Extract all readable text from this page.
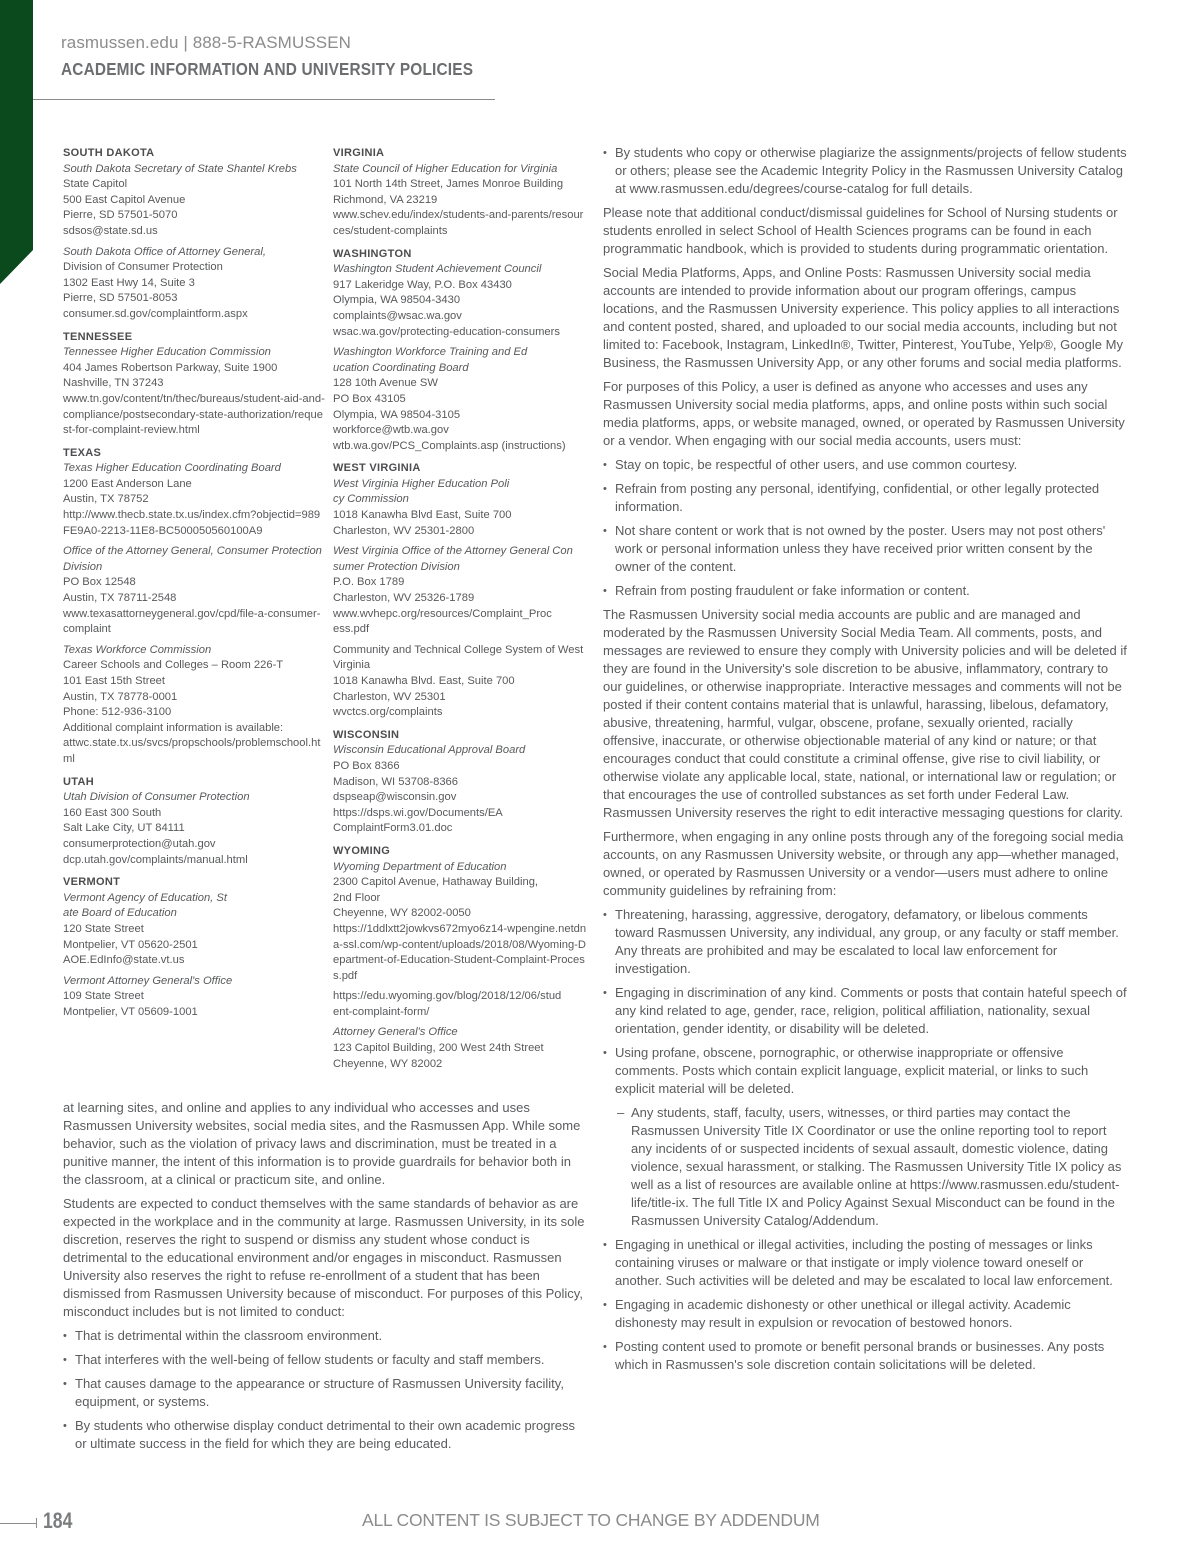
rasmussen.edu | 888-5-RASMUSSEN
ACADEMIC INFORMATION AND UNIVERSITY POLICIES
SOUTH DAKOTA
South Dakota Secretary of State Shantel Krebs
State Capitol
500 East Capitol Avenue
Pierre, SD 57501-5070
sdsos@state.sd.us
South Dakota Office of Attorney General,
Division of Consumer Protection
1302 East Hwy 14, Suite 3
Pierre, SD 57501-8053
consumer.sd.gov/complaintform.aspx
TENNESSEE
Tennessee Higher Education Commission
404 James Robertson Parkway, Suite 1900
Nashville, TN 37243
www.tn.gov/content/tn/thec/bureaus/student-aid-and-compliance/postsecondary-state-authorization/request-for-complaint-review.html
TEXAS
Texas Higher Education Coordinating Board
1200 East Anderson Lane
Austin, TX 78752
http://www.thecb.state.tx.us/index.cfm?objectid=989FE9A0-2213-11E8-BC500050560100A9
Office of the Attorney General, Consumer Protection Division
PO Box 12548
Austin, TX 78711-2548
www.texasattorneygeneral.gov/cpd/file-a-consumer-complaint
Texas Workforce Commission
Career Schools and Colleges – Room 226-T
101 East 15th Street
Austin, TX 78778-0001
Phone: 512-936-3100
Additional complaint information is available:
attwc.state.tx.us/svcs/propschools/problemschool.html
UTAH
Utah Division of Consumer Protection
160 East 300 South
Salt Lake City, UT 84111
consumerprotection@utah.gov
dcp.utah.gov/complaints/manual.html
VERMONT
Vermont Agency of Education, State Board of Education
120 State Street
Montpelier, VT 05620-2501
AOE.EdInfo@state.vt.us
Vermont Attorney General's Office
109 State Street
Montpelier, VT 05609-1001
VIRGINIA
State Council of Higher Education for Virginia
101 North 14th Street, James Monroe Building
Richmond, VA 23219
www.schev.edu/index/students-and-parents/resources/student-complaints
WASHINGTON
Washington Student Achievement Council
917 Lakeridge Way, P.O. Box 43430
Olympia, WA 98504-3430
complaints@wsac.wa.gov
wsac.wa.gov/protecting-education-consumers
Washington Workforce Training and Education Coordinating Board
128 10th Avenue SW
PO Box 43105
Olympia, WA 98504-3105
workforce@wtb.wa.gov
wtb.wa.gov/PCS_Complaints.asp (instructions)
WEST VIRGINIA
West Virginia Higher Education Policy Commission
1018 Kanawha Blvd East, Suite 700
Charleston, WV 25301-2800
West Virginia Office of the Attorney General Consumer Protection Division
P.O. Box 1789
Charleston, WV 25326-1789
www.wvhepc.org/resources/Complaint_Process.pdf
Community and Technical College System of West Virginia
1018 Kanawha Blvd. East, Suite 700
Charleston, WV 25301
wvctcs.org/complaints
WISCONSIN
Wisconsin Educational Approval Board
PO Box 8366
Madison, WI 53708-8366
dspseap@wisconsin.gov
https://dsps.wi.gov/Documents/EAComplaintForm3.01.doc
WYOMING
Wyoming Department of Education
2300 Capitol Avenue, Hathaway Building, 2nd Floor
Cheyenne, WY 82002-0050
https://1ddlxtt2jowkvs672myo6z14-wpengine.netdna-ssl.com/wp-content/uploads/2018/08/Wyoming-Department-of-Education-Student-Complaint-Process.pdf
https://edu.wyoming.gov/blog/2018/12/06/student-complaint-form/
Attorney General's Office
123 Capitol Building, 200 West 24th Street
Cheyenne, WY 82002

at learning sites, and online and applies to any individual who accesses and uses Rasmussen University websites, social media sites, and the Rasmussen App. While some behavior, such as the violation of privacy laws and discrimination, must be treated in a punitive manner, the intent of this information is to provide guardrails for behavior both in the classroom, at a clinical or practicum site, and online.

Students are expected to conduct themselves with the same standards of behavior as are expected in the workplace and in the community at large. Rasmussen University, in its sole discretion, reserves the right to suspend or dismiss any student whose conduct is detrimental to the educational environment and/or engages in misconduct. Rasmussen University also reserves the right to refuse re-enrollment of a student that has been dismissed from Rasmussen University because of misconduct. For purposes of this Policy, misconduct includes but is not limited to conduct:

• That is detrimental within the classroom environment.
• That interferes with the well-being of fellow students or faculty and staff members.
• That causes damage to the appearance or structure of Rasmussen University facility, equipment, or systems.
• By students who otherwise display conduct detrimental to their own academic progress or ultimate success in the field for which they are being educated.
• By students who copy or otherwise plagiarize the assignments/projects of fellow students or others; please see the Academic Integrity Policy in the Rasmussen University Catalog at www.rasmussen.edu/degrees/course-catalog for full details.

Please note that additional conduct/dismissal guidelines for School of Nursing students or students enrolled in select School of Health Sciences programs can be found in each programmatic handbook, which is provided to students during programmatic orientation.

Social Media Platforms, Apps, and Online Posts: Rasmussen University social media accounts are intended to provide information about our program offerings, campus locations, and the Rasmussen University experience. This policy applies to all interactions and content posted, shared, and uploaded to our social media accounts, including but not limited to: Facebook, Instagram, LinkedIn®, Twitter, Pinterest, YouTube, Yelp®, Google My Business, the Rasmussen University App, or any other forums and social media platforms.

For purposes of this Policy, a user is defined as anyone who accesses and uses any Rasmussen University social media platforms, apps, and online posts within such social media platforms, apps, or website managed, owned, or operated by Rasmussen University or a vendor. When engaging with our social media accounts, users must:

• Stay on topic, be respectful of other users, and use common courtesy.
• Refrain from posting any personal, identifying, confidential, or other legally protected information.
• Not share content or work that is not owned by the poster. Users may not post others' work or personal information unless they have received prior written consent by the owner of the content.
• Refrain from posting fraudulent or fake information or content.

The Rasmussen University social media accounts are public and are managed and moderated by the Rasmussen University Social Media Team. All comments, posts, and messages are reviewed to ensure they comply with University policies and will be deleted if they are found in the University's sole discretion to be abusive, inflammatory, contrary to our guidelines, or otherwise inappropriate. Interactive messages and comments will not be posted if their content contains material that is unlawful, harassing, libelous, defamatory, abusive, threatening, harmful, vulgar, obscene, profane, sexually oriented, racially offensive, inaccurate, or otherwise objectionable material of any kind or nature; or that encourages conduct that could constitute a criminal offense, give rise to civil liability, or otherwise violate any applicable local, state, national, or international law or regulation; or that encourages the use of controlled substances as set forth under Federal Law. Rasmussen University reserves the right to edit interactive messaging questions for clarity.

Furthermore, when engaging in any online posts through any of the foregoing social media accounts, on any Rasmussen University website, or through any app—whether managed, owned, or operated by Rasmussen University or a vendor—users must adhere to online community guidelines by refraining from:

• Threatening, harassing, aggressive, derogatory, defamatory, or libelous comments toward Rasmussen University, any individual, any group, or any faculty or staff member. Any threats are prohibited and may be escalated to local law enforcement for investigation.
• Engaging in discrimination of any kind. Comments or posts that contain hateful speech of any kind related to age, gender, race, religion, political affiliation, nationality, sexual orientation, gender identity, or disability will be deleted.
• Using profane, obscene, pornographic, or otherwise inappropriate or offensive comments. Posts which contain explicit language, explicit material, or links to such explicit material will be deleted.
– Any students, staff, faculty, users, witnesses, or third parties may contact the Rasmussen University Title IX Coordinator or use the online reporting tool to report any incidents of or suspected incidents of sexual assault, domestic violence, dating violence, sexual harassment, or stalking. The Rasmussen University Title IX policy as well as a list of resources are available online at https://www.rasmussen.edu/student-life/title-ix. The full Title IX and Policy Against Sexual Misconduct can be found in the Rasmussen University Catalog/Addendum.
• Engaging in unethical or illegal activities, including the posting of messages or links containing viruses or malware or that instigate or imply violence toward oneself or another. Such activities will be deleted and may be escalated to local law enforcement.
• Engaging in academic dishonesty or other unethical or illegal activity. Academic dishonesty may result in expulsion or revocation of bestowed honors.
• Posting content used to promote or benefit personal brands or businesses. Any posts which in Rasmussen's sole discretion contain solicitations will be deleted.
184	ALL CONTENT IS SUBJECT TO CHANGE BY ADDENDUM
